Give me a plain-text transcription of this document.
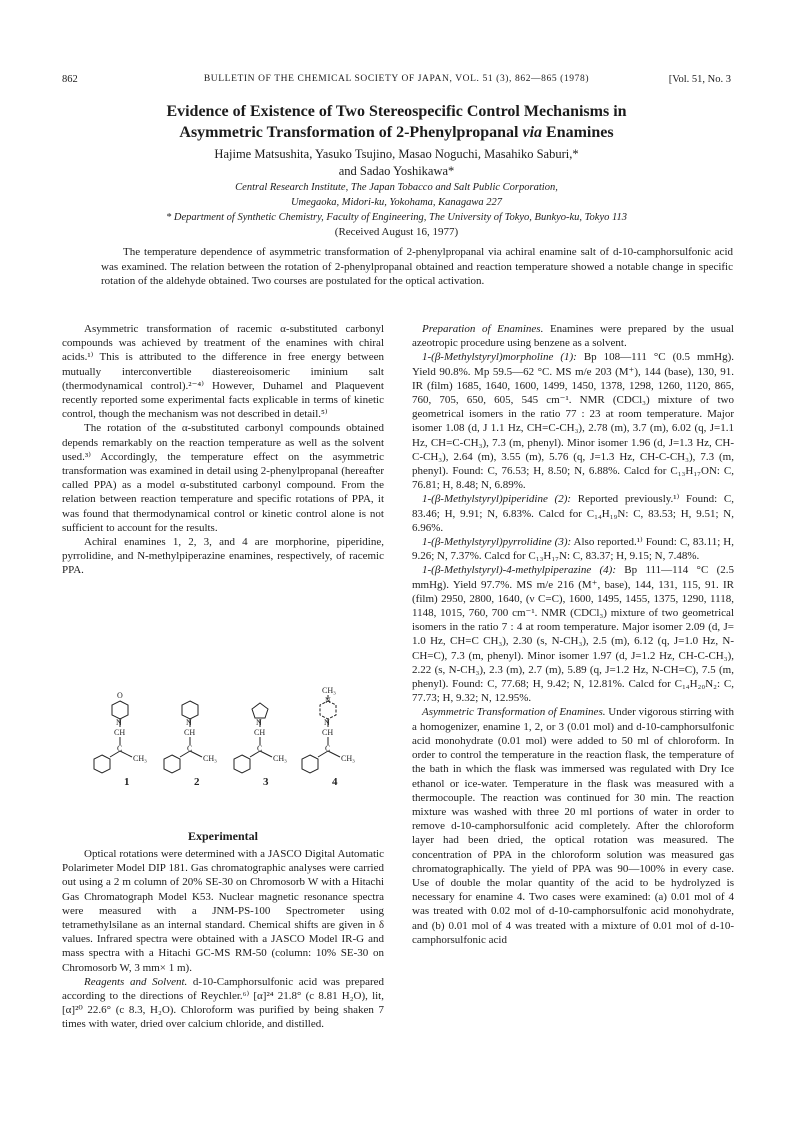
862	BULLETIN OF THE CHEMICAL SOCIETY OF JAPAN, VOL. 51 (3), 862—865 (1978)	[Vol. 51, No. 3
Evidence of Existence of Two Stereospecific Control Mechanisms in
Asymmetric Transformation of 2-Phenylpropanal via Enamines
Hajime Matsushita, Yasuko Tsujino, Masao Noguchi, Masahiko Saburi,*
and Sadao Yoshikawa*
Central Research Institute, The Japan Tobacco and Salt Public Corporation,
Umegaoka, Midori-ku, Yokohama, Kanagawa 227
* Department of Synthetic Chemistry, Faculty of Engineering, The University of Tokyo, Bunkyo-ku, Tokyo 113
(Received August 16, 1977)
The temperature dependence of asymmetric transformation of 2-phenylpropanal via achiral enamine salt of d-10-camphorsulfonic acid was examined. The relation between the rotation of 2-phenylpropanal obtained and reaction temperature showed a notable change in specific rotation of the aldehyde obtained. Two courses are postulated for the optical activation.

Asymmetric transformation of racemic α-substituted carbonyl compounds was achieved by treatment of the enamines with chiral acids.¹⁾ This is attributed to the difference in free energy between mutually interconvertible diastereoisomeric iminium salt (thermodynamical control).²⁻⁴⁾ However, Duhamel and Plaquevent recently reported some experimental facts explicable in terms of kinetic control, though the mechanism was not described in detail.⁵⁾

The rotation of the α-substituted carbonyl compounds obtained depends remarkably on the reaction temperature as well as the solvent used.³⁾ Accordingly, the temperature effect on the asymmetric transformation was examined in detail using 2-phenylpropanal (hereafter called PPA) as a model α-substituted carbonyl compound. From the relation between reaction temperature and specific rotations of PPA, it was found that thermodynamical control or kinetic control alone is not sufficient to account for the results.

Achiral enamines 1, 2, 3, and 4 are morphorine, piperidine, pyrrolidine, and N-methylpiperazine enamines, respectively, of racemic PPA.

O
N
CH
C
CH₃
N
CH
C
CH₃
N
CH
C
CH₃
CH₃
N
N
CH
C
CH₃
1	2	3	4
Experimental

Optical rotations were determined with a JASCO Digital Automatic Polarimeter Model DIP 181. Gas chromatographic analyses were carried out using a 2 m column of 20% SE-30 on Chromosorb W with a Hitachi Gas Chromatograph Model K53. Nuclear magnetic resonance spectra were measured with a JNM-PS-100 Spectrometer using tetramethylsilane as an internal standard. Chemical shifts are given in δ values. Infrared spectra were obtained with a JASCO Model IR-G and mass spectra with a Hitachi GC-MS RM-50 (column: 10% SE-30 on Chromosorb W, 3 mm× 1 m).

Reagents and Solvent. d-10-Camphorsulfonic acid was prepared according to the directions of Reychler.⁶⁾ [α]²⁴ 21.8° (c 8.81 H₂O), lit, [α]²⁰ 22.6° (c 8.3, H₂O). Chloroform was purified by being shaken 7 times with water, dried over calcium chloride, and distilled.

Preparation of Enamines. Enamines were prepared by the usual azeotropic procedure using benzene as a solvent.

1-(β-Methylstyryl)morpholine (1): Bp 108—111 °C (0.5 mmHg). Yield 90.8%. Mp 59.5—62 °C. MS m/e 203 (M⁺), 144 (base), 130, 91. IR (film) 1685, 1640, 1600, 1499, 1450, 1378, 1298, 1260, 1120, 865, 760, 705, 650, 605, 545 cm⁻¹. NMR (CDCl₃) mixture of two geometrical isomers in the ratio 77 : 23 at room temperature. Major isomer 1.08 (d, J 1.1 Hz, CH=C-CH₃), 2.78 (m), 3.7 (m), 6.02 (q, J=1.1 Hz, CH=C-CH₃), 7.3 (m, phenyl). Minor isomer 1.96 (d, J=1.3 Hz, CH-C-CH₃), 2.64 (m), 3.55 (m), 5.76 (q, J=1.3 Hz, CH-C-CH₃), 7.3 (m, phenyl). Found: C, 76.53; H, 8.50; N, 6.88%. Calcd for C₁₃H₁₇ON: C, 76.81; H, 8.48; N, 6.89%.

1-(β-Methylstyryl)piperidine (2): Reported previously.¹⁾ Found: C, 83.46; H, 9.91; N, 6.83%. Calcd for C₁₄H₁₉N: C, 83.53; H, 9.51; N, 6.96%.

1-(β-Methylstyryl)pyrrolidine (3): Also reported.¹⁾ Found: C, 83.11; H, 9.26; N, 7.37%. Calcd for C₁₃H₁₇N: C, 83.37; H, 9.15; N, 7.48%.

1-(β-Methylstyryl)-4-methylpiperazine (4): Bp 111—114 °C (2.5 mmHg). Yield 97.7%. MS m/e 216 (M⁺, base), 144, 131, 115, 91. IR (film) 2950, 2800, 1640, (ν C=C), 1600, 1495, 1455, 1375, 1290, 1118, 1148, 1015, 760, 700 cm⁻¹. NMR (CDCl₃) mixture of two geometrical isomers in the ratio 7 : 4 at room temperature. Major isomer 2.09 (d, J= 1.0 Hz, CH=C CH₃), 2.30 (s, N-CH₃), 2.5 (m), 6.12 (q, J=1.0 Hz, N-CH=C), 7.3 (m, phenyl). Minor isomer 1.97 (d, J=1.2 Hz, CH-C-CH₃), 2.22 (s, N-CH₃), 2.3 (m), 2.7 (m), 5.89 (q, J=1.2 Hz, N-CH=C), 7.5 (m, phenyl). Found: C, 77.68; H, 9.42; N, 12.81%. Calcd for C₁₄H₂₀N₂: C, 77.73; H, 9.32; N, 12.95%.

Asymmetric Transformation of Enamines. Under vigorous stirring with a homogenizer, enamine 1, 2, or 3 (0.01 mol) and d-10-camphorsulfonic acid monohydrate (0.01 mol) were added to 50 ml of chloroform. In order to control the temperature in the reaction flask, the temperature of the bath in which the flask was immersed was regulated with Dry Ice ethanol or ice-water. Temperature in the flask was measured with a thermocouple. The reaction was continued for 30 min. The reaction mixture was washed with three 20 ml portions of water in order to remove d-10-camphorsulfonic acid completely. After the chloroform layer had been dried, the optical rotation was measured. The concentration of PPA in the chloroform solution was measured gas chromatographically. The yield of PPA was 90—100% in every case. Use of double the molar quantity of the acid to be hydrolyzed is necessary for enamine 4. Two cases were examined: (a) 0.01 mol of 4 was treated with 0.02 mol of d-10-camphorsulfonic acid monohydrate, and (b) 0.01 mol of 4 was treated with a mixture of 0.01 mol of d-10-camphorsulfonic acid
